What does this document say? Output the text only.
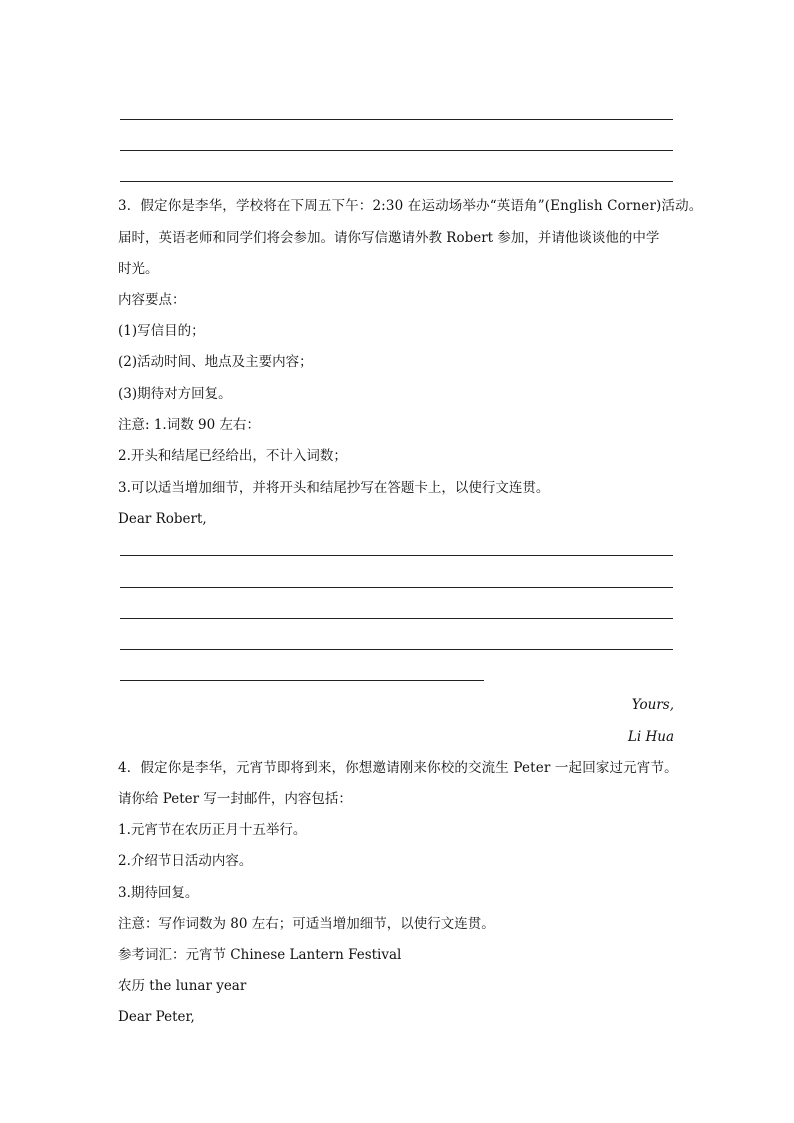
3．假定你是李华，学校将在下周五下午：2:30 在运动场举办“英语角”(English Corner)活动。
届时，英语老师和同学们将会参加。请你写信邀请外教 Robert 参加，并请他谈谈他的中学
时光。
内容要点：
(1)写信目的；
(2)活动时间、地点及主要内容；
(3)期待对方回复。
注意: 1.词数 90 左右：
2.开头和结尾已经给出，不计入词数；
3.可以适当增加细节，并将开头和结尾抄写在答题卡上，以使行文连贯。
Dear Robert,
Yours,
Li Hua
4．假定你是李华，元宵节即将到来，你想邀请刚来你校的交流生 Peter 一起回家过元宵节。
请你给 Peter 写一封邮件，内容包括：
1.元宵节在农历正月十五举行。
2.介绍节日活动内容。
3.期待回复。
注意：写作词数为 80 左右；可适当增加细节，以使行文连贯。
参考词汇：元宵节 Chinese Lantern Festival
农历 the lunar year
Dear Peter,
